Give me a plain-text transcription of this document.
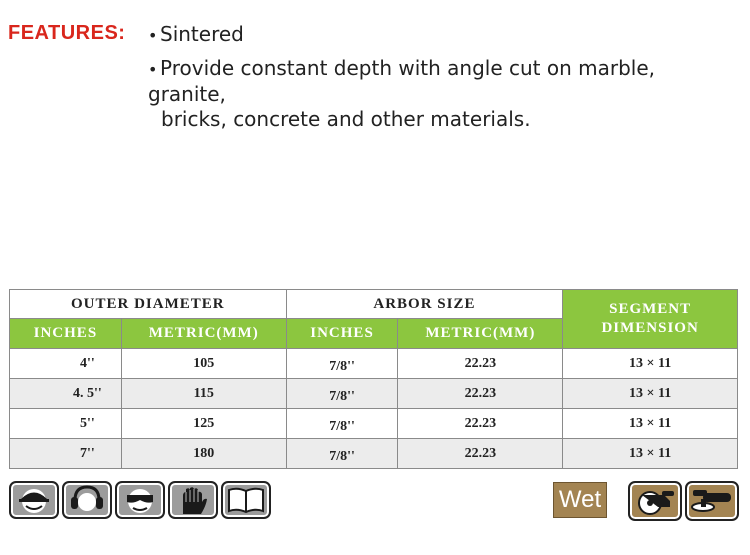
FEATURES: • Sintered
• Provide constant depth with angle cut on marble, granite,
bricks, concrete and other materials.
OUTER DIAMETER		ARBOR SIZE		SEGMENT DIMENSION
INCHES	METRIC(MM)	INCHES	METRIC(MM)	
4''	105	7/8''	22.23	13 × 11
4. 5''	115	7/8''	22.23	13 × 11
5''	125	7/8''	22.23	13 × 11
7''	180	7/8''	22.23	13 × 11
Wet
